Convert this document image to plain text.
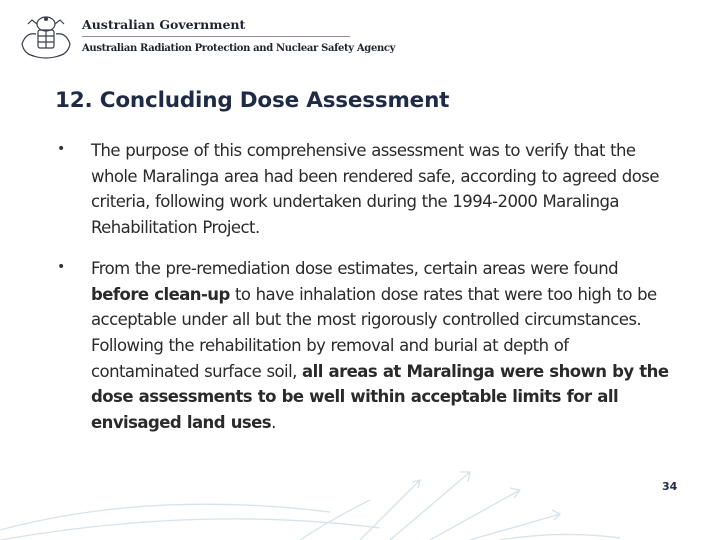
Australian Government
Australian Radiation Protection and Nuclear Safety Agency
12. Concluding Dose Assessment
• The purpose of this comprehensive assessment was to verify that the whole Maralinga area had been rendered safe, according to agreed dose criteria, following work undertaken during the 1994-2000 Maralinga Rehabilitation Project.
• From the pre-remediation dose estimates, certain areas were found before clean-up to have inhalation dose rates that were too high to be acceptable under all but the most rigorously controlled circumstances. Following the rehabilitation by removal and burial at depth of contaminated surface soil, all areas at Maralinga were shown by the dose assessments to be well within acceptable limits for all envisaged land uses.
34
